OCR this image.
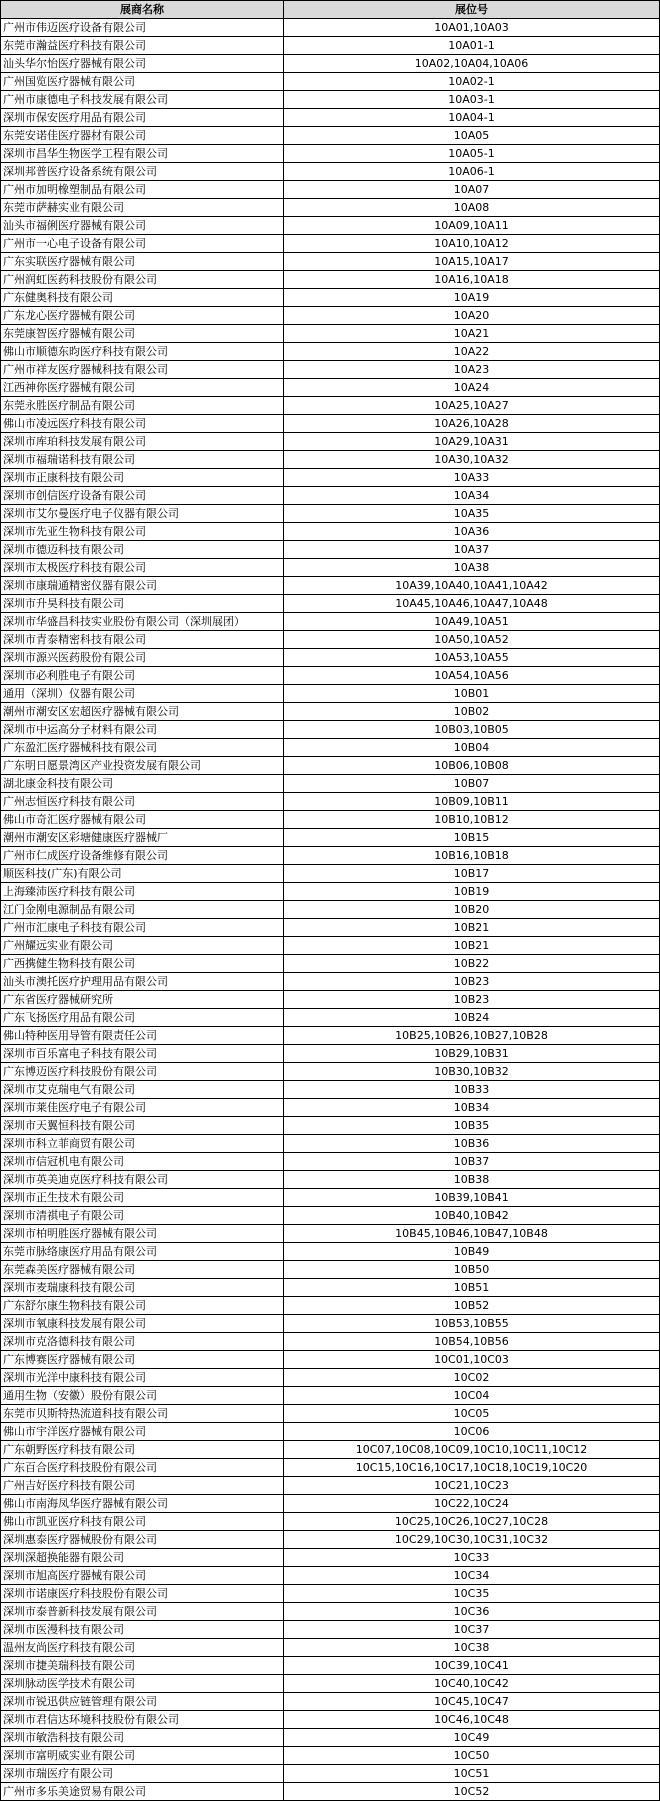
展商名称	展位号
广州市伟迈医疗设备有限公司	10A01,10A03
东莞市瀚益医疗科技有限公司	10A01-1
汕头华尔怡医疗器械有限公司	10A02,10A04,10A06
广州国览医疗器械有限公司	10A02-1
广州市康德电子科技发展有限公司	10A03-1
深圳市保安医疗用品有限公司	10A04-1
东莞安诺佳医疗器材有限公司	10A05
深圳市昌华生物医学工程有限公司	10A05-1
深圳邦普医疗设备系统有限公司	10A06-1
广州市加明橡塑制品有限公司	10A07
东莞市萨赫实业有限公司	10A08
汕头市福俐医疗器械有限公司	10A09,10A11
广州市一心电子设备有限公司	10A10,10A12
广东实联医疗器械有限公司	10A15,10A17
广州润虹医药科技股份有限公司	10A16,10A18
广东健奥科技有限公司	10A19
广东龙心医疗器械有限公司	10A20
东莞康智医疗器械有限公司	10A21
佛山市顺德东昀医疗科技有限公司	10A22
广州市祥友医疗器械科技有限公司	10A23
江西神你医疗器械有限公司	10A24
东莞永胜医疗制品有限公司	10A25,10A27
佛山市凌远医疗科技有限公司	10A26,10A28
深圳市库珀科技发展有限公司	10A29,10A31
深圳市福瑞诺科技有限公司	10A30,10A32
深圳市正康科技有限公司	10A33
深圳市创信医疗设备有限公司	10A34
深圳市艾尔曼医疗电子仪器有限公司	10A35
深圳市先亚生物科技有限公司	10A36
深圳市德迈科技有限公司	10A37
深圳市太极医疗科技有限公司	10A38
深圳市康瑞通精密仪器有限公司	10A39,10A40,10A41,10A42
深圳市升昊科技有限公司	10A45,10A46,10A47,10A48
深圳市华盛昌科技实业股份有限公司（深圳展团）	10A49,10A51
深圳市青泰精密科技有限公司	10A50,10A52
深圳市源兴医药股份有限公司	10A53,10A55
深圳市必利胜电子有限公司	10A54,10A56
通用（深圳）仪器有限公司	10B01
潮州市潮安区宏超医疗器械有限公司	10B02
深圳市中运高分子材料有限公司	10B03,10B05
广东盈汇医疗器械科技有限公司	10B04
广东明日愿景湾区产业投资发展有限公司	10B06,10B08
湖北康金科技有限公司	10B07
广州志恒医疗科技有限公司	10B09,10B11
佛山市奇汇医疗器械有限公司	10B10,10B12
潮州市潮安区彩塘健康医疗器械厂	10B15
广州市仁成医疗设备维修有限公司	10B16,10B18
顺医科技(广东)有限公司	10B17
上海臻沛医疗科技有限公司	10B19
江门金刚电源制品有限公司	10B20
广州市汇康电子科技有限公司	10B21
广州耀远实业有限公司	10B21
广西携健生物科技有限公司	10B22
汕头市澳托医疗护理用品有限公司	10B23
广东省医疗器械研究所	10B23
广东飞扬医疗用品有限公司	10B24
佛山特种医用导管有限责任公司	10B25,10B26,10B27,10B28
深圳市百乐富电子科技有限公司	10B29,10B31
广东博迈医疗科技股份有限公司	10B30,10B32
深圳市艾克瑞电气有限公司	10B33
深圳市莱佳医疗电子有限公司	10B34
深圳市天翼恒科技有限公司	10B35
深圳市科立菲商贸有限公司	10B36
深圳市信冠机电有限公司	10B37
深圳市英美迪克医疗科技有限公司	10B38
深圳市正生技术有限公司	10B39,10B41
深圳市清祺电子有限公司	10B40,10B42
深圳市柏明胜医疗器械有限公司	10B45,10B46,10B47,10B48
东莞市脉络康医疗用品有限公司	10B49
东莞森美医疗器械有限公司	10B50
深圳市麦瑞康科技有限公司	10B51
广东舒尔康生物科技有限公司	10B52
深圳市氧康科技发展有限公司	10B53,10B55
深圳市克洛德科技有限公司	10B54,10B56
广东博赛医疗器械有限公司	10C01,10C03
深圳市光洋中康科技有限公司	10C02
通用生物（安徽）股份有限公司	10C04
东莞市贝斯特热流道科技有限公司	10C05
佛山市宇洋医疗器械有限公司	10C06
广东朝野医疗科技有限公司	10C07,10C08,10C09,10C10,10C11,10C12
广东百合医疗科技股份有限公司	10C15,10C16,10C17,10C18,10C19,10C20
广州吉好医疗科技有限公司	10C21,10C23
佛山市南海凤华医疗器械有限公司	10C22,10C24
佛山市凯亚医疗科技有限公司	10C25,10C26,10C27,10C28
深圳惠泰医疗器械股份有限公司	10C29,10C30,10C31,10C32
深圳深超换能器有限公司	10C33
深圳市旭高医疗器械有限公司	10C34
深圳市诺康医疗科技股份有限公司	10C35
深圳市泰普新科技发展有限公司	10C36
深圳市医漫科技有限公司	10C37
温州友尚医疗科技有限公司	10C38
深圳市捷美瑞科技有限公司	10C39,10C41
深圳脉动医学技术有限公司	10C40,10C42
深圳市锐迅供应链管理有限公司	10C45,10C47
深圳市君信达环境科技股份有限公司	10C46,10C48
深圳市敏浩科技有限公司	10C49
深圳市富明威实业有限公司	10C50
深圳市瑞医疗有限公司	10C51
广州市多乐美途贸易有限公司	10C52
